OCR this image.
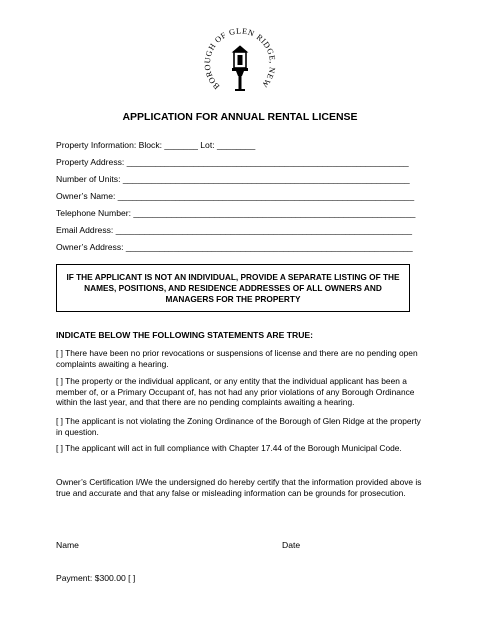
BOROUGH OF GLEN RIDGE, NEW
APPLICATION FOR ANNUAL RENTAL LICENSE
Property Information: Block: _______ Lot: ________
Property Address: ___________________________________________________________
Number of Units: ____________________________________________________________
Owner’s Name: ______________________________________________________________
Telephone Number: ___________________________________________________________
Email Address: ______________________________________________________________
Owner’s Address: ____________________________________________________________
IF THE APPLICANT IS NOT AN INDIVIDUAL, PROVIDE A SEPARATE LISTING OF THE NAMES, POSITIONS, AND RESIDENCE ADDRESSES OF ALL OWNERS AND MANAGERS FOR THE PROPERTY
INDICATE BELOW THE FOLLOWING STATEMENTS ARE TRUE:
[ ] There have been no prior revocations or suspensions of license and there are no pending open complaints awaiting a hearing.
[ ] The property or the individual applicant, or any entity that the individual applicant has been a member of, or a Primary Occupant of, has not had any prior violations of any Borough Ordinance within the last year, and that there are no pending complaints awaiting a hearing.
[ ] The applicant is not violating the Zoning Ordinance of the Borough of Glen Ridge at the property in question.
[ ] The applicant will act in full compliance with Chapter 17.44 of the Borough Municipal Code.
Owner’s Certification I/We the undersigned do hereby certify that the information provided above is true and accurate and that any false or misleading information can be grounds for prosecution.
Name	Date
Payment: $300.00 [ ]
